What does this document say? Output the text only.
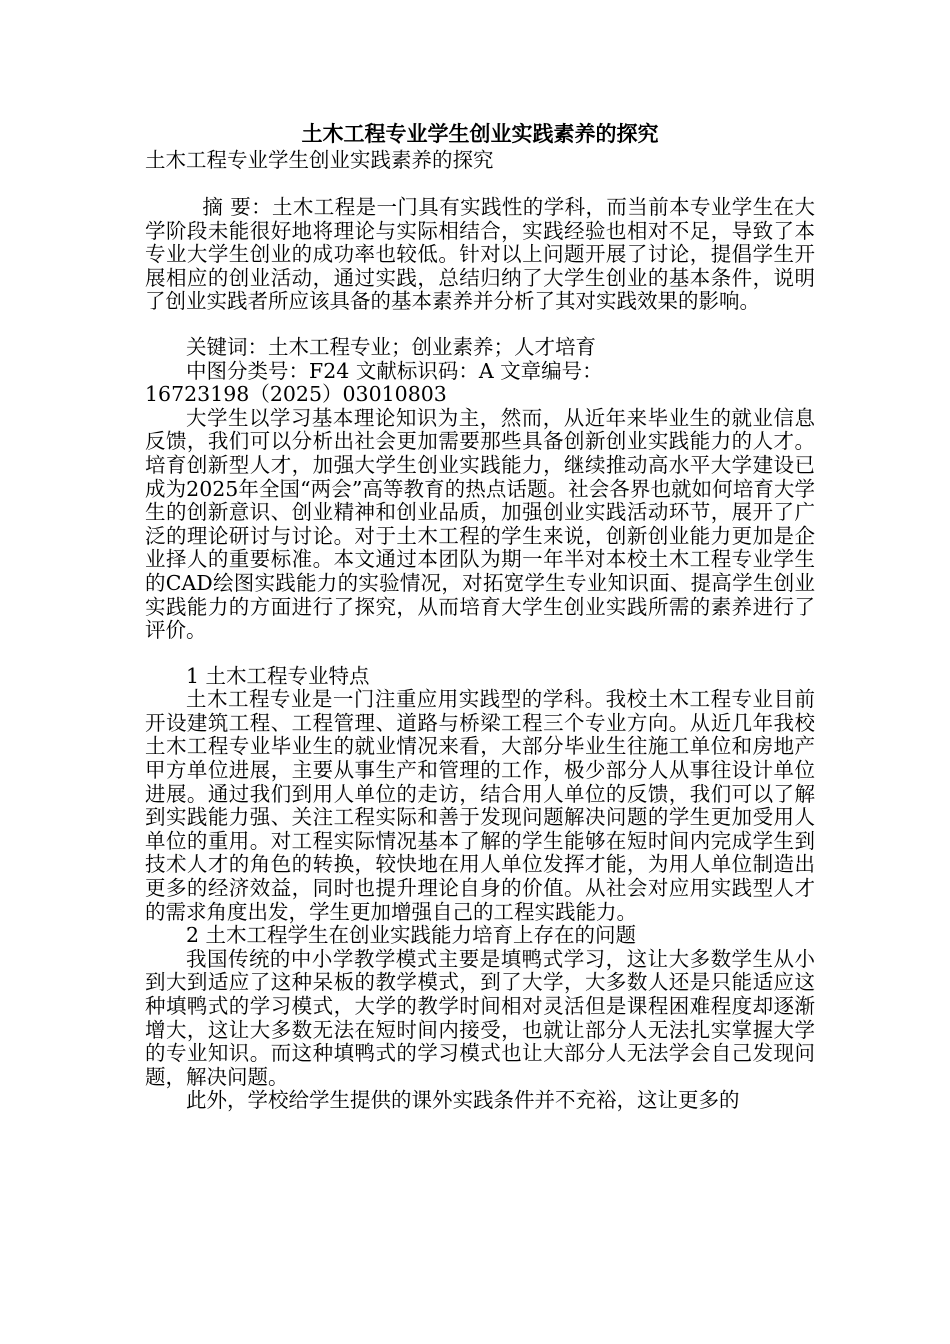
土木工程专业学生创业实践素养的探究
土木工程专业学生创业实践素养的探究

摘 要：土木工程是一门具有实践性的学科，而当前本专业学生在大学阶段未能很好地将理论与实际相结合，实践经验也相对不足，导致了本专业大学生创业的成功率也较低。针对以上问题开展了讨论，提倡学生开展相应的创业活动，通过实践，总结归纳了大学生创业的基本条件，说明了创业实践者所应该具备的基本素养并分析了其对实践效果的影响。

关键词：土木工程专业；创业素养；人才培育
中图分类号：F24 文献标识码：A 文章编号：
16723198（2025）03010803

大学生以学习基本理论知识为主，然而，从近年来毕业生的就业信息反馈，我们可以分析出社会更加需要那些具备创新创业实践能力的人才。培育创新型人才，加强大学生创业实践能力，继续推动高水平大学建设已成为2025年全国“两会”高等教育的热点话题。社会各界也就如何培育大学生的创新意识、创业精神和创业品质，加强创业实践活动环节，展开了广泛的理论研讨与讨论。对于土木工程的学生来说，创新创业能力更加是企业择人的重要标准。本文通过本团队为期一年半对本校土木工程专业学生的CAD绘图实践能力的实验情况，对拓宽学生专业知识面、提高学生创业实践能力的方面进行了探究，从而培育大学生创业实践所需的素养进行了评价。

1 土木工程专业特点

土木工程专业是一门注重应用实践型的学科。我校土木工程专业目前开设建筑工程、工程管理、道路与桥梁工程三个专业方向。从近几年我校土木工程专业毕业生的就业情况来看，大部分毕业生往施工单位和房地产甲方单位进展，主要从事生产和管理的工作，极少部分人从事往设计单位进展。通过我们到用人单位的走访，结合用人单位的反馈，我们可以了解到实践能力强、关注工程实际和善于发现问题解决问题的学生更加受用人单位的重用。对工程实际情况基本了解的学生能够在短时间内完成学生到技术人才的角色的转换，较快地在用人单位发挥才能，为用人单位制造出更多的经济效益，同时也提升理论自身的价值。从社会对应用实践型人才的需求角度出发，学生更加增强自己的工程实践能力。

2 土木工程学生在创业实践能力培育上存在的问题

我国传统的中小学教学模式主要是填鸭式学习，这让大多数学生从小到大到适应了这种呆板的教学模式，到了大学，大多数人还是只能适应这种填鸭式的学习模式，大学的教学时间相对灵活但是课程困难程度却逐渐增大，这让大多数无法在短时间内接受，也就让部分人无法扎实掌握大学的专业知识。而这种填鸭式的学习模式也让大部分人无法学会自己发现问题，解决问题。

此外，学校给学生提供的课外实践条件并不充裕，这让更多的
